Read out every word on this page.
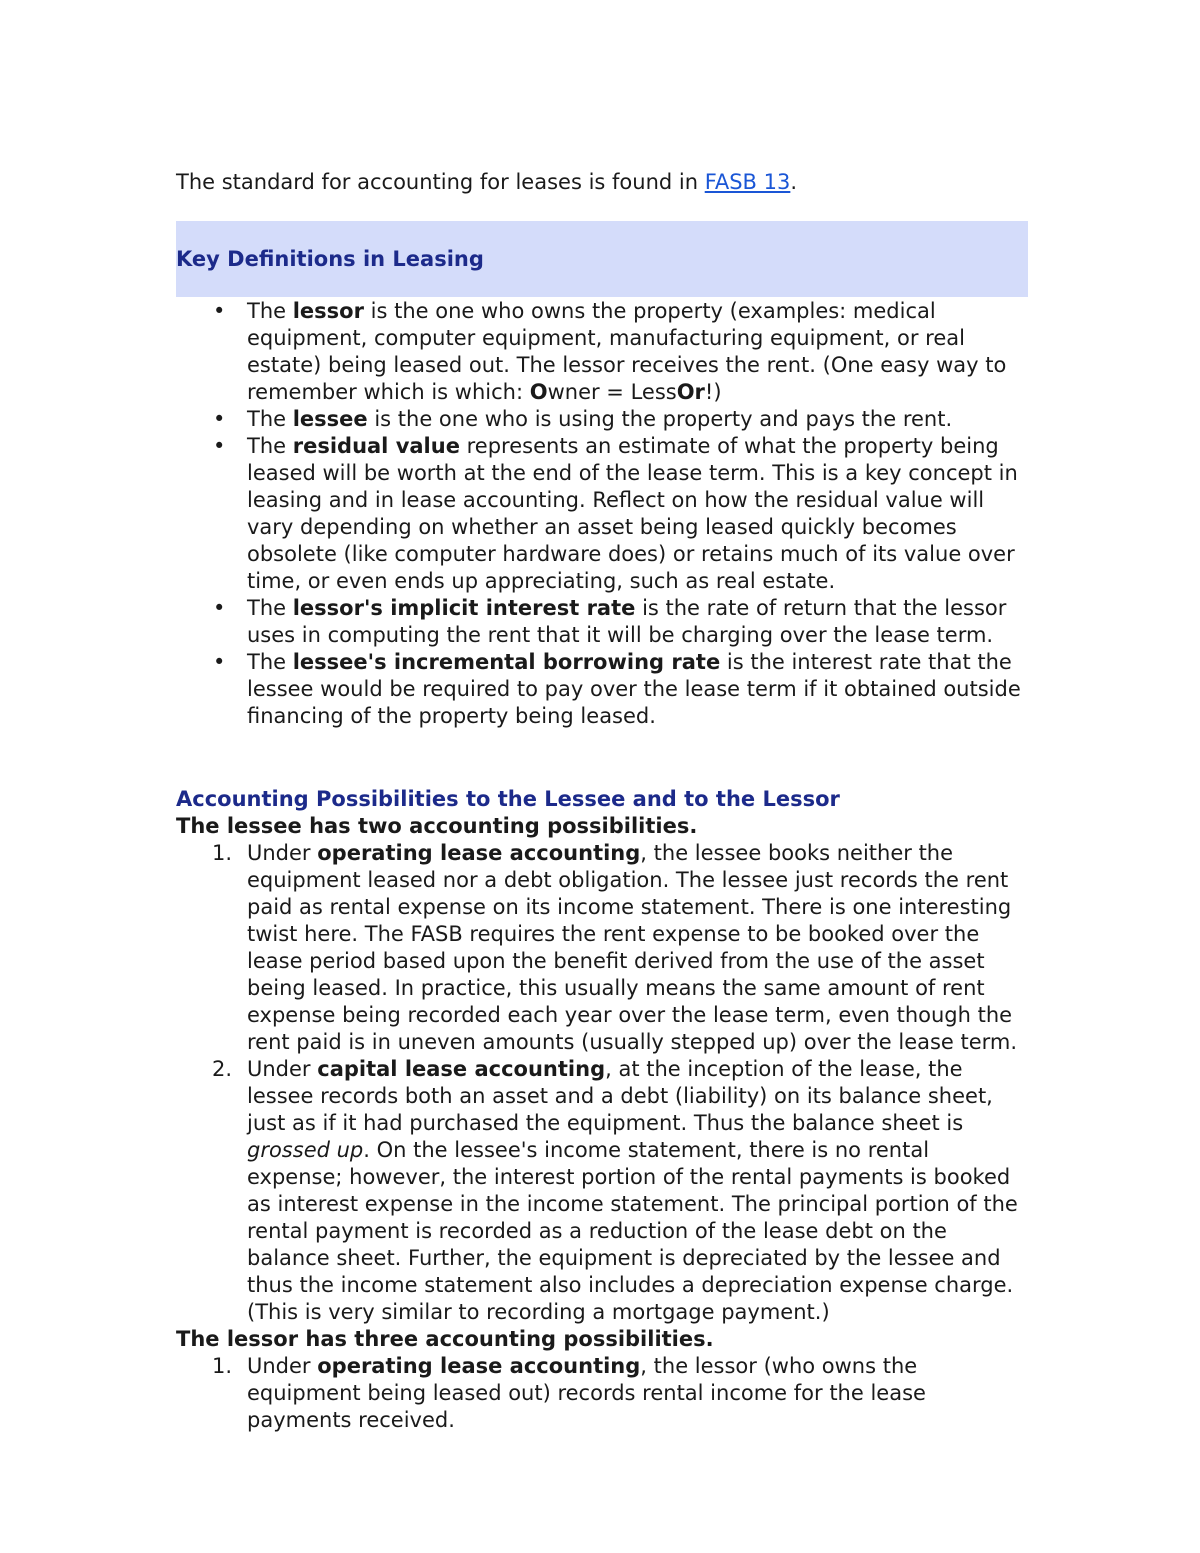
The standard for accounting for leases is found in FASB 13.

Key Definitions in Leasing
• The lessor is the one who owns the property (examples: medical equipment, computer equipment, manufacturing equipment, or real estate) being leased out. The lessor receives the rent. (One easy way to remember which is which: Owner = LessOr!)
• The lessee is the one who is using the property and pays the rent.
• The residual value represents an estimate of what the property being leased will be worth at the end of the lease term. This is a key concept in leasing and in lease accounting. Reflect on how the residual value will vary depending on whether an asset being leased quickly becomes obsolete (like computer hardware does) or retains much of its value over time, or even ends up appreciating, such as real estate.
• The lessor's implicit interest rate is the rate of return that the lessor uses in computing the rent that it will be charging over the lease term.
• The lessee's incremental borrowing rate is the interest rate that the lessee would be required to pay over the lease term if it obtained outside financing of the property being leased.
Accounting Possibilities to the Lessee and to the Lessor

The lessee has two accounting possibilities.

1. Under operating lease accounting, the lessee books neither the equipment leased nor a debt obligation. The lessee just records the rent paid as rental expense on its income statement. There is one interesting twist here. The FASB requires the rent expense to be booked over the lease period based upon the benefit derived from the use of the asset being leased. In practice, this usually means the same amount of rent expense being recorded each year over the lease term, even though the rent paid is in uneven amounts (usually stepped up) over the lease term.
2. Under capital lease accounting, at the inception of the lease, the lessee records both an asset and a debt (liability) on its balance sheet, just as if it had purchased the equipment. Thus the balance sheet is grossed up. On the lessee's income statement, there is no rental expense; however, the interest portion of the rental payments is booked as interest expense in the income statement. The principal portion of the rental payment is recorded as a reduction of the lease debt on the balance sheet. Further, the equipment is depreciated by the lessee and thus the income statement also includes a depreciation expense charge. (This is very similar to recording a mortgage payment.)

The lessor has three accounting possibilities.

1. Under operating lease accounting, the lessor (who owns the equipment being leased out) records rental income for the lease payments received.
